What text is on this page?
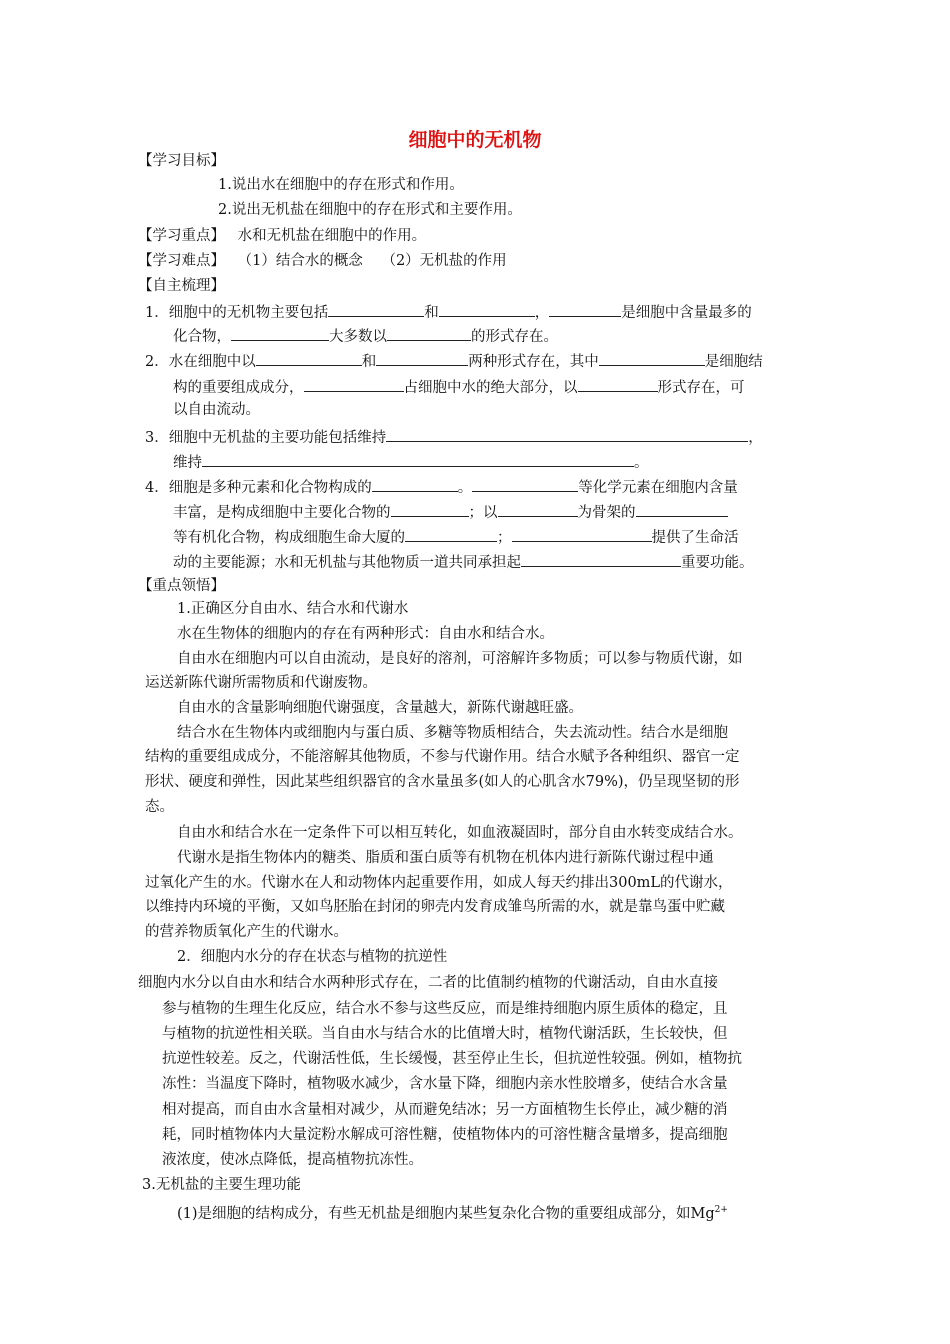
细胞中的无机物
【学习目标】
1.说出水在细胞中的存在形式和作用。
2.说出无机盐在细胞中的存在形式和主要作用。
【学习重点】 水和无机盐在细胞中的作用。
【学习难点】 （1）结合水的概念 （2）无机盐的作用
【自主梳理】
1．细胞中的无机物主要包括	和	，	是细胞中含量最多的
化合物，	大多数以	的形式存在。
2．水在细胞中以	和	两种形式存在，其中	是细胞结
构的重要组成成分，	占细胞中水的绝大部分，以	形式存在，可
以自由流动。
3．细胞中无机盐的主要功能包括维持	，
维持	。
4．细胞是多种元素和化合物构成的	。	等化学元素在细胞内含量
丰富，是构成细胞中主要化合物的	；以	为骨架的
等有机化合物，构成细胞生命大厦的	；	提供了生命活
动的主要能源；水和无机盐与其他物质一道共同承担起	重要功能。
【重点领悟】
1.正确区分自由水、结合水和代谢水
水在生物体的细胞内的存在有两种形式：自由水和结合水。
自由水在细胞内可以自由流动，是良好的溶剂，可溶解许多物质；可以参与物质代谢，如
运送新陈代谢所需物质和代谢废物。
自由水的含量影响细胞代谢强度，含量越大，新陈代谢越旺盛。
结合水在生物体内或细胞内与蛋白质、多糖等物质相结合，失去流动性。结合水是细胞
结构的重要组成成分，不能溶解其他物质，不参与代谢作用。结合水赋予各种组织、器官一定
形状、硬度和弹性，因此某些组织器官的含水量虽多(如人的心肌含水79%)，仍呈现坚韧的形
态。
自由水和结合水在一定条件下可以相互转化，如血液凝固时，部分自由水转变成结合水。
代谢水是指生物体内的糖类、脂质和蛋白质等有机物在机体内进行新陈代谢过程中通
过氧化产生的水。代谢水在人和动物体内起重要作用，如成人每天约排出300mL的代谢水，
以维持内环境的平衡，又如鸟胚胎在封闭的卵壳内发育成雏鸟所需的水，就是靠鸟蛋中贮藏
的营养物质氧化产生的代谢水。
2．细胞内水分的存在状态与植物的抗逆性
细胞内水分以自由水和结合水两种形式存在，二者的比值制约植物的代谢活动，自由水直接
参与植物的生理生化反应，结合水不参与这些反应，而是维持细胞内原生质体的稳定，且
与植物的抗逆性相关联。当自由水与结合水的比值增大时，植物代谢活跃，生长较快，但
抗逆性较差。反之，代谢活性低，生长缓慢，甚至停止生长，但抗逆性较强。例如，植物抗
冻性：当温度下降时，植物吸水减少，含水量下降，细胞内亲水性胶增多，使结合水含量
相对提高，而自由水含量相对减少，从而避免结冰；另一方面植物生长停止，减少糖的消
耗，同时植物体内大量淀粉水解成可溶性糖，使植物体内的可溶性糖含量增多，提高细胞
液浓度，使冰点降低，提高植物抗冻性。
3.无机盐的主要生理功能
(1)是细胞的结构成分，有些无机盐是细胞内某些复杂化合物的重要组成部分，如$Mg^{2+}$
